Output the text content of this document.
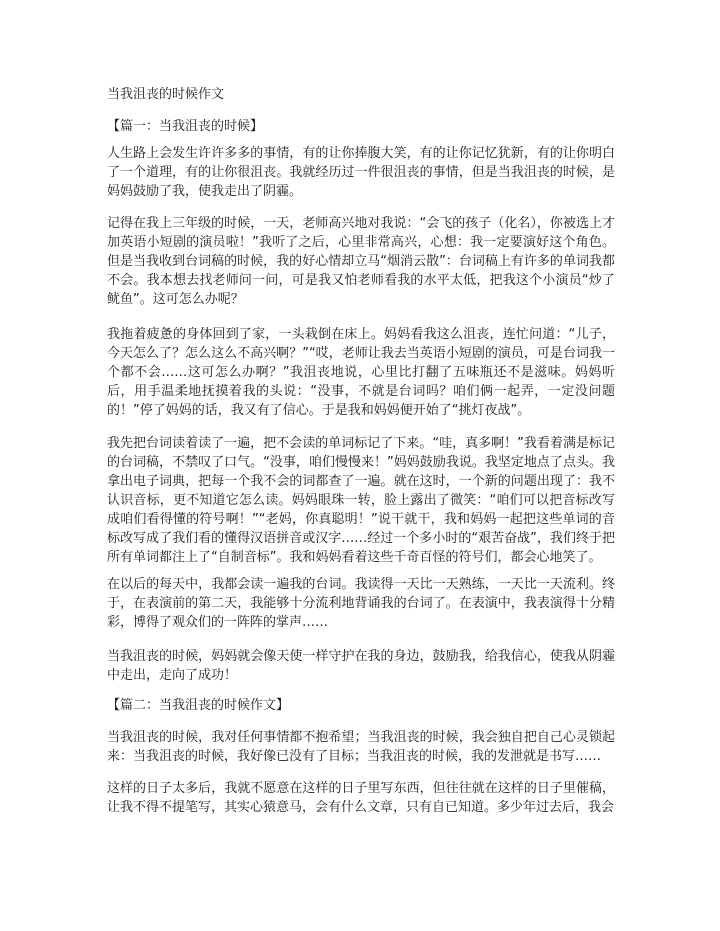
当我沮丧的时候作文
【篇一：当我沮丧的时候】

人生路上会发生许许多多的事情，有的让你捧腹大笑，有的让你记忆犹新，有的让你明白了一个道理，有的让你很沮丧。我就经历过一件很沮丧的事情，但是当我沮丧的时候，是妈妈鼓励了我，使我走出了阴霾。

记得在我上三年级的时候，一天，老师高兴地对我说：“会飞的孩子（化名），你被选上才加英语小短剧的演员啦！”我听了之后，心里非常高兴，心想：我一定要演好这个角色。但是当我收到台词稿的时候，我的好心情却立马“烟消云散”：台词稿上有许多的单词我都不会。我本想去找老师问一问，可是我又怕老师看我的水平太低，把我这个小演员“炒了鱿鱼”。这可怎么办呢？

我拖着疲惫的身体回到了家，一头栽倒在床上。妈妈看我这么沮丧，连忙问道：“儿子，今天怎么了？怎么这么不高兴啊？”“哎，老师让我去当英语小短剧的演员，可是台词我一个都不会……这可怎么办啊？”我沮丧地说，心里比打翻了五味瓶还不是滋味。妈妈听后，用手温柔地抚摸着我的头说：“没事，不就是台词吗？咱们俩一起弄，一定没问题的！”停了妈妈的话，我又有了信心。于是我和妈妈便开始了“挑灯夜战”。

我先把台词读着读了一遍，把不会读的单词标记了下来。“哇，真多啊！”我看着满是标记的台词稿，不禁叹了口气。“没事，咱们慢慢来！”妈妈鼓励我说。我坚定地点了点头。我拿出电子词典，把每一个我不会的词都查了一遍。就在这时，一个新的问题出现了：我不认识音标，更不知道它怎么读。妈妈眼珠一转，脸上露出了微笑：“咱们可以把音标改写成咱们看得懂的符号啊！”“老妈，你真聪明！”说干就干，我和妈妈一起把这些单词的音标改写成了我们看的懂得汉语拼音或汉字……经过一个多小时的“艰苦奋战”，我们终于把所有单词都注上了“自制音标”。我和妈妈看着这些千奇百怪的符号们，都会心地笑了。

在以后的每天中，我都会读一遍我的台词。我读得一天比一天熟练，一天比一天流利。终于，在表演前的第二天，我能够十分流利地背诵我的台词了。在表演中，我表演得十分精彩，博得了观众们的一阵阵的掌声……

当我沮丧的时候，妈妈就会像天使一样守护在我的身边，鼓励我，给我信心，使我从阴霾中走出，走向了成功！

【篇二：当我沮丧的时候作文】

当我沮丧的时候，我对任何事情都不抱希望；当我沮丧的时候，我会独自把自己心灵锁起来：当我沮丧的时候，我好像已没有了目标；当我沮丧的时候，我的发泄就是书写……

这样的日子太多后，我就不愿意在这样的日子里写东西，但往往就在这样的日子里催稿，让我不得不提笔写，其实心猿意马，会有什么文章，只有自已知道。多少年过去后，我会
